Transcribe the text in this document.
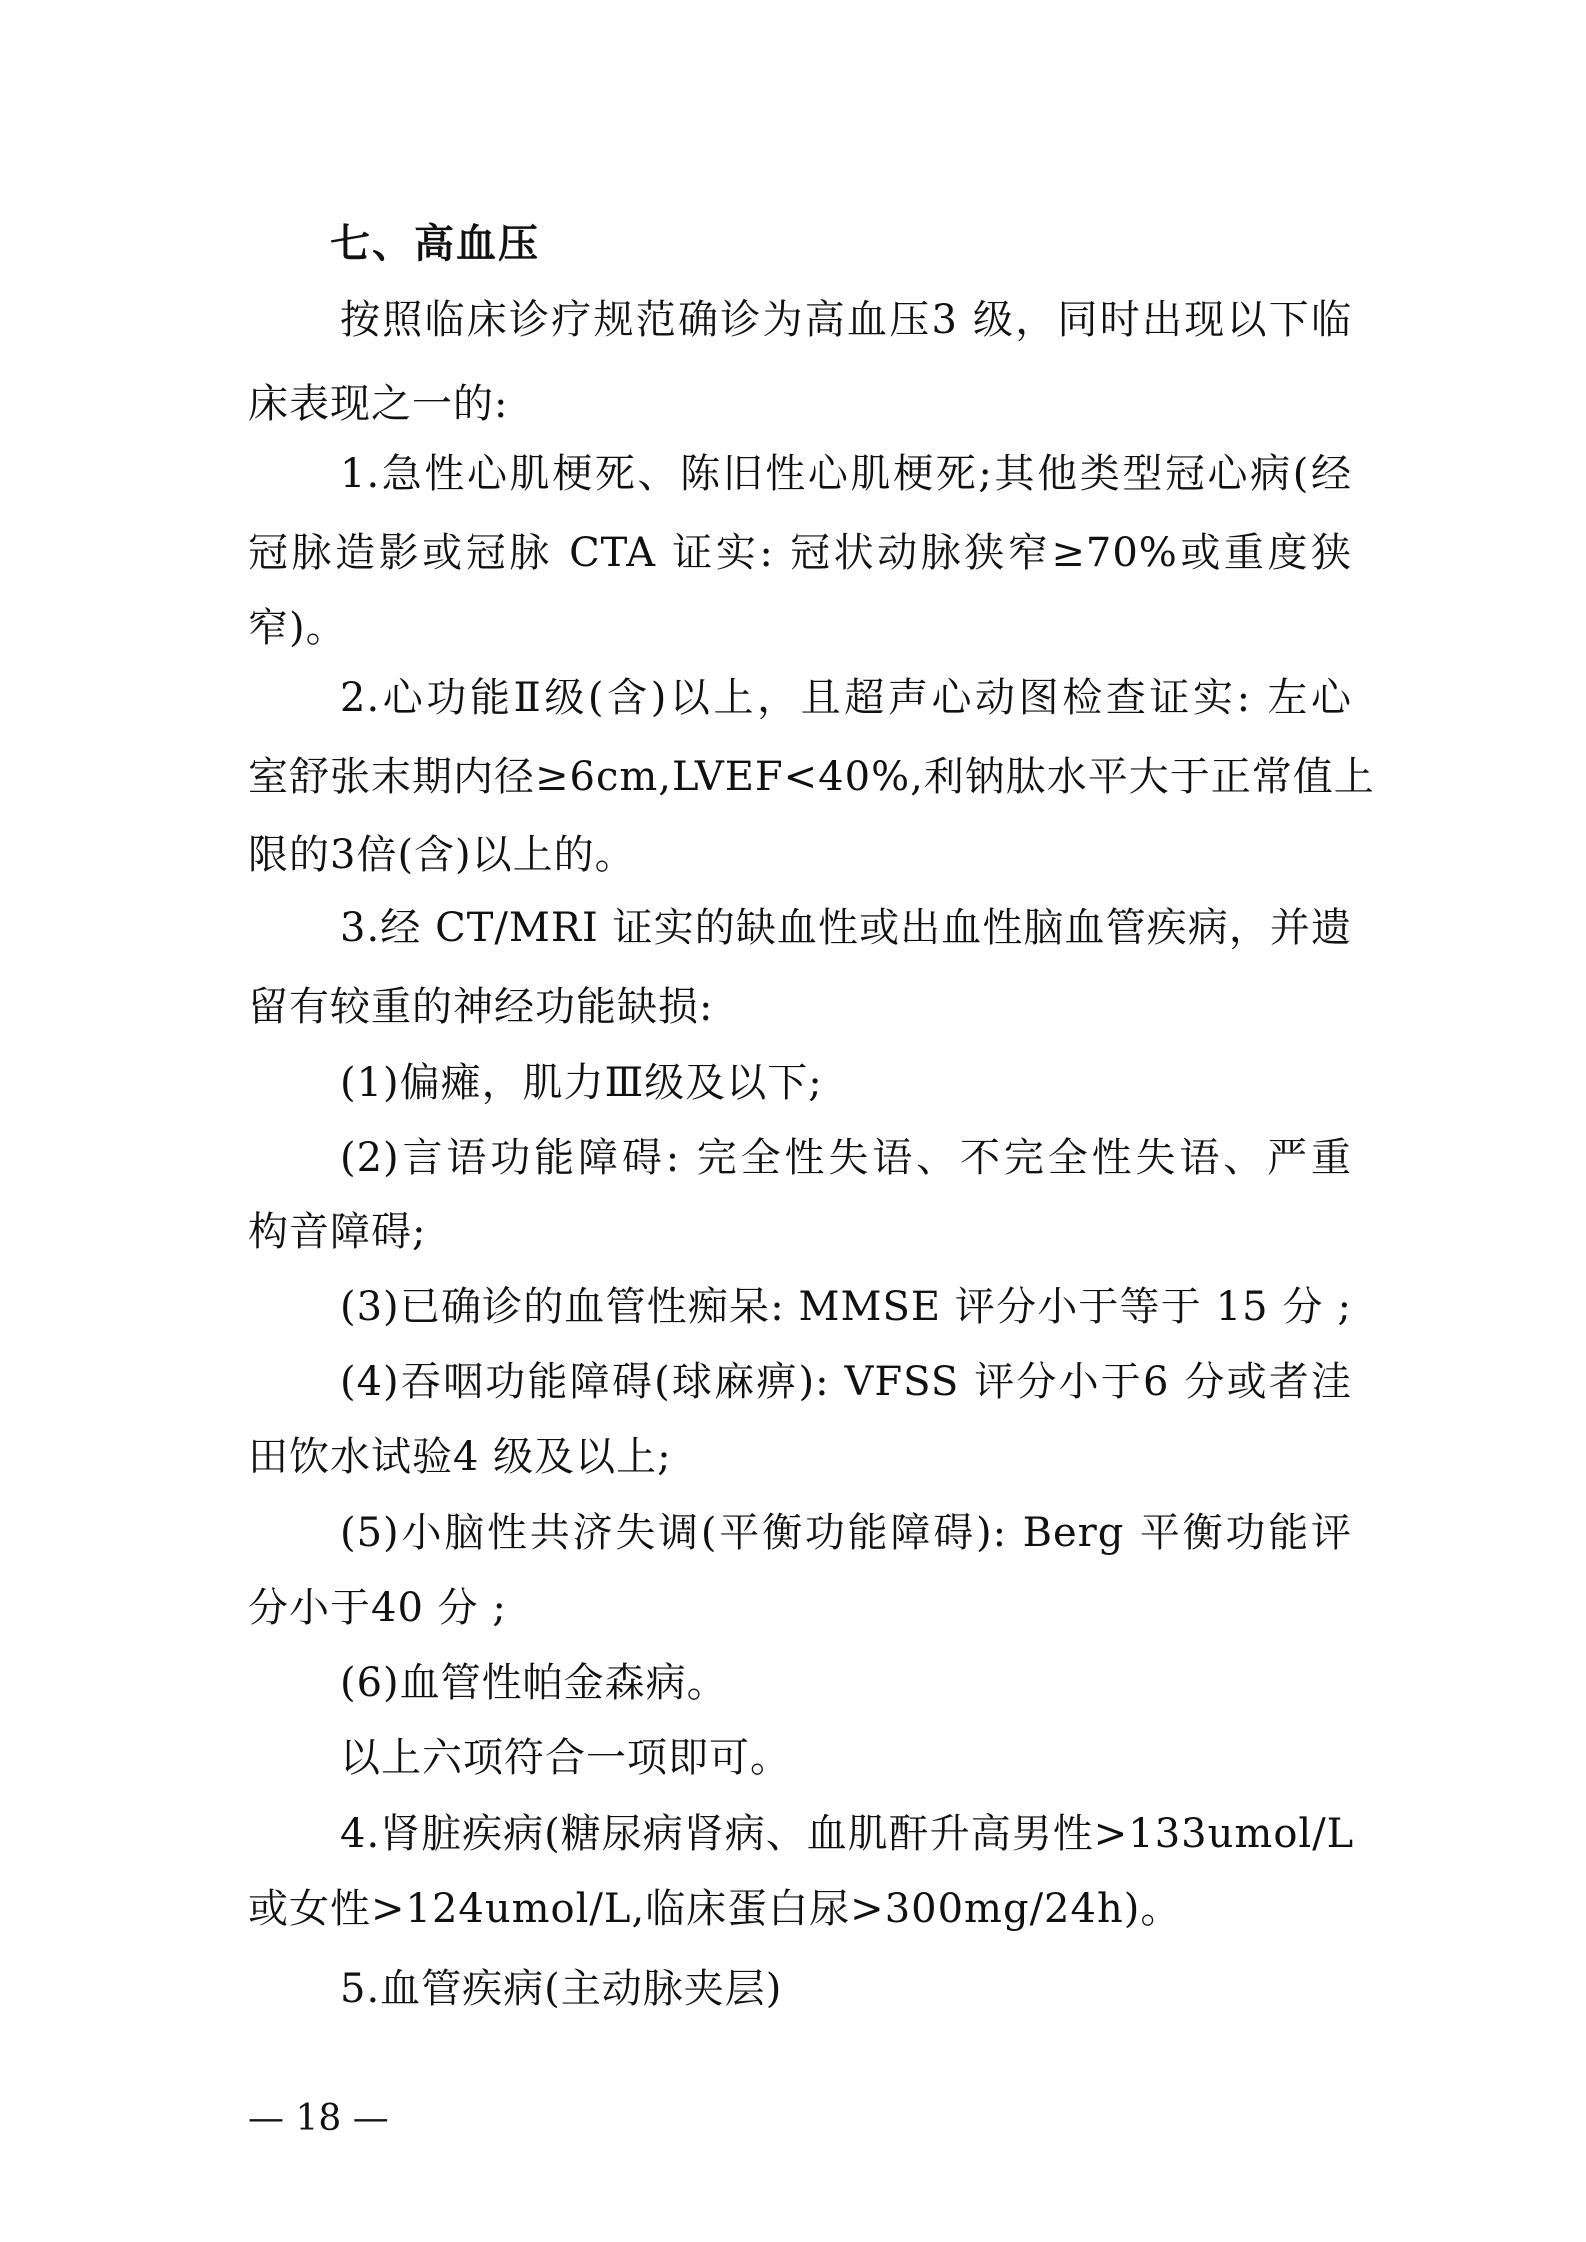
七、高血压

按照临床诊疗规范确诊为高血压3 级，同时出现以下临

床表现之一的:

1.急性心肌梗死、陈旧性心肌梗死;其他类型冠心病(经

冠脉造影或冠脉 CTA 证实: 冠状动脉狭窄≥70%或重度狭

窄)。

2.心功能Ⅱ级(含)以上，且超声心动图检查证实: 左心

室舒张末期内径≥6cm,LVEF<40%,利钠肽水平大于正常值上

限的3倍(含)以上的。

3.经 CT/MRI 证实的缺血性或出血性脑血管疾病，并遗

留有较重的神经功能缺损:

(1)偏瘫，肌力Ⅲ级及以下;

(2)言语功能障碍: 完全性失语、不完全性失语、严重

构音障碍;

(3)已确诊的血管性痴呆: MMSE 评分小于等于 15 分 ;

(4)吞咽功能障碍(球麻痹): VFSS 评分小于6 分或者洼

田饮水试验4 级及以上;

(5)小脑性共济失调(平衡功能障碍): Berg 平衡功能评

分小于40 分 ;

(6)血管性帕金森病。

以上六项符合一项即可。

4.肾脏疾病(糖尿病肾病、血肌酐升高男性>133umol/L

或女性>124umol/L,临床蛋白尿>300mg/24h)。

5.血管疾病(主动脉夹层)

— 18 —
